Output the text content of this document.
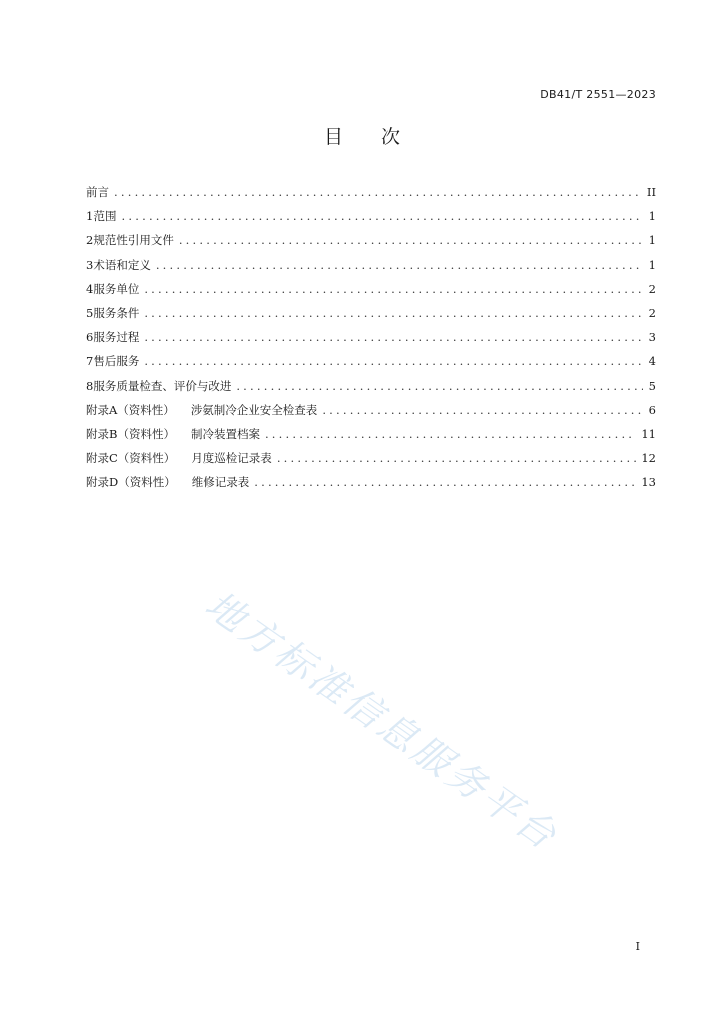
DB41/T 2551—2023
目次
前言 .....	II
1 范围 .....	1
2 规范性引用文件 .....	1
3 术语和定义 .....	1
4 服务单位 .....	2
5 服务条件 .....	2
6 服务过程 .....	3
7 售后服务 .....	4
8 服务质量检查、评价与改进 .....	5
附录A（资料性） 涉氨制冷企业安全检查表 .....	6
附录B（资料性） 制冷装置档案 .....	11
附录C（资料性） 月度巡检记录表 .....	12
附录D（资料性） 维修记录表 .....	13
地方标准信息服务平台
I
